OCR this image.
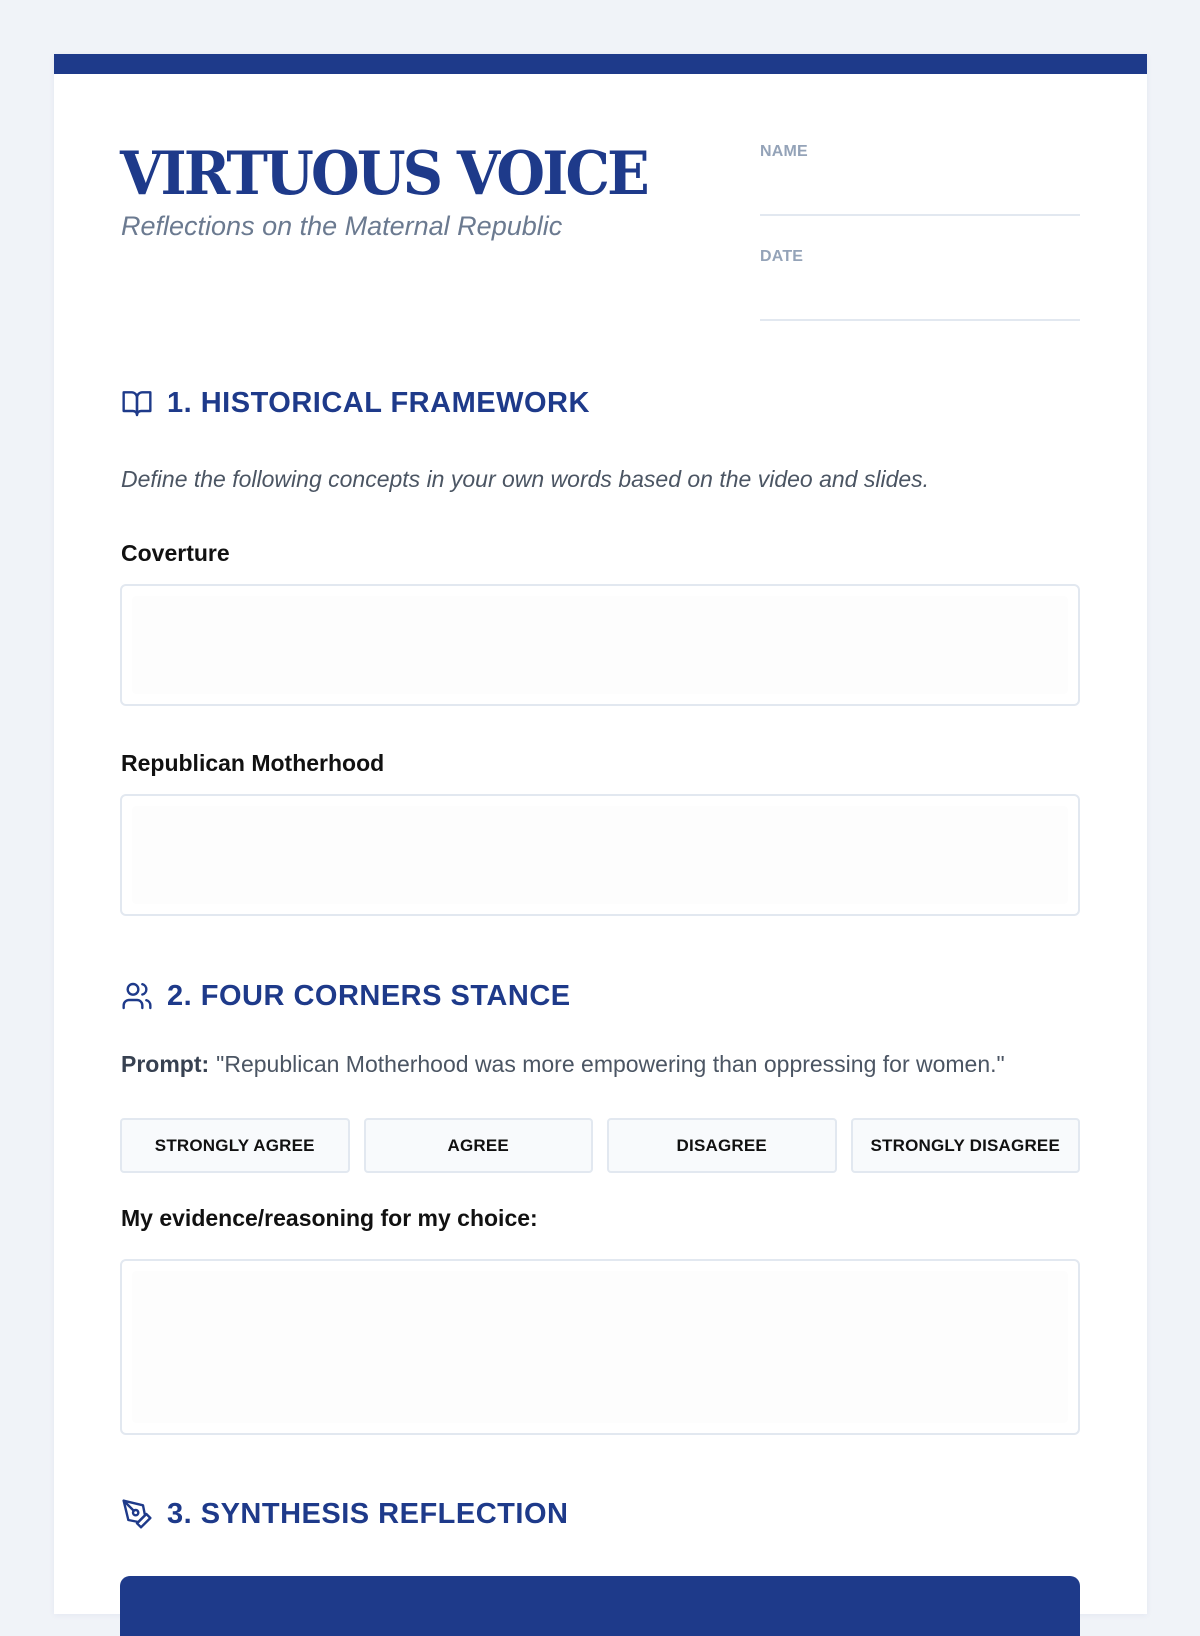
VIRTUOUS VOICE

Reflections on the Maternal Republic

NAME
DATE
1. HISTORICAL FRAMEWORK

Define the following concepts in your own words based on the video and slides.

Coverture

Republican Motherhood

2. FOUR CORNERS STANCE

Prompt: "Republican Motherhood was more empowering than oppressing for women."

STRONGLY AGREE	AGREE	DISAGREE	STRONGLY DISAGREE

My evidence/reasoning for my choice:

3. SYNTHESIS REFLECTION
